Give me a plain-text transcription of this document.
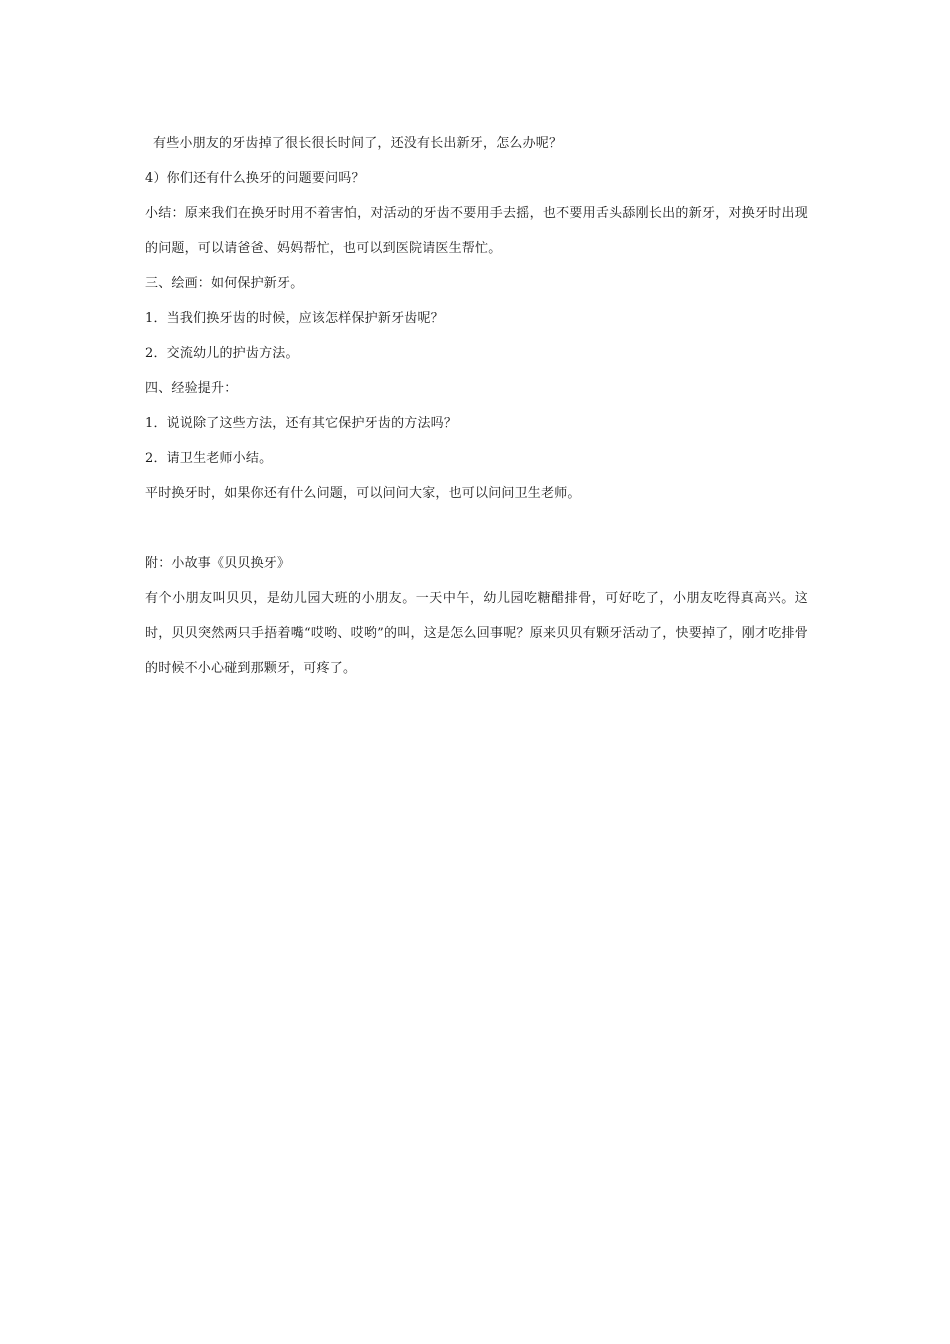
有些小朋友的牙齿掉了很长很长时间了，还没有长出新牙，怎么办呢？

4）你们还有什么换牙的问题要问吗？

小结：原来我们在换牙时用不着害怕，对活动的牙齿不要用手去摇，也不要用舌头舔刚长出的新牙，对换牙时出现的问题，可以请爸爸、妈妈帮忙，也可以到医院请医生帮忙。

三、绘画：如何保护新牙。

1．当我们换牙齿的时候，应该怎样保护新牙齿呢？

2．交流幼儿的护齿方法。

四、经验提升：

1．说说除了这些方法，还有其它保护牙齿的方法吗？

2．请卫生老师小结。

平时换牙时，如果你还有什么问题，可以问问大家，也可以问问卫生老师。

附：小故事《贝贝换牙》

有个小朋友叫贝贝，是幼儿园大班的小朋友。一天中午，幼儿园吃糖醋排骨，可好吃了，小朋友吃得真高兴。这时，贝贝突然两只手捂着嘴“哎哟、哎哟”的叫，这是怎么回事呢？原来贝贝有颗牙活动了，快要掉了，刚才吃排骨的时候不小心碰到那颗牙，可疼了。
